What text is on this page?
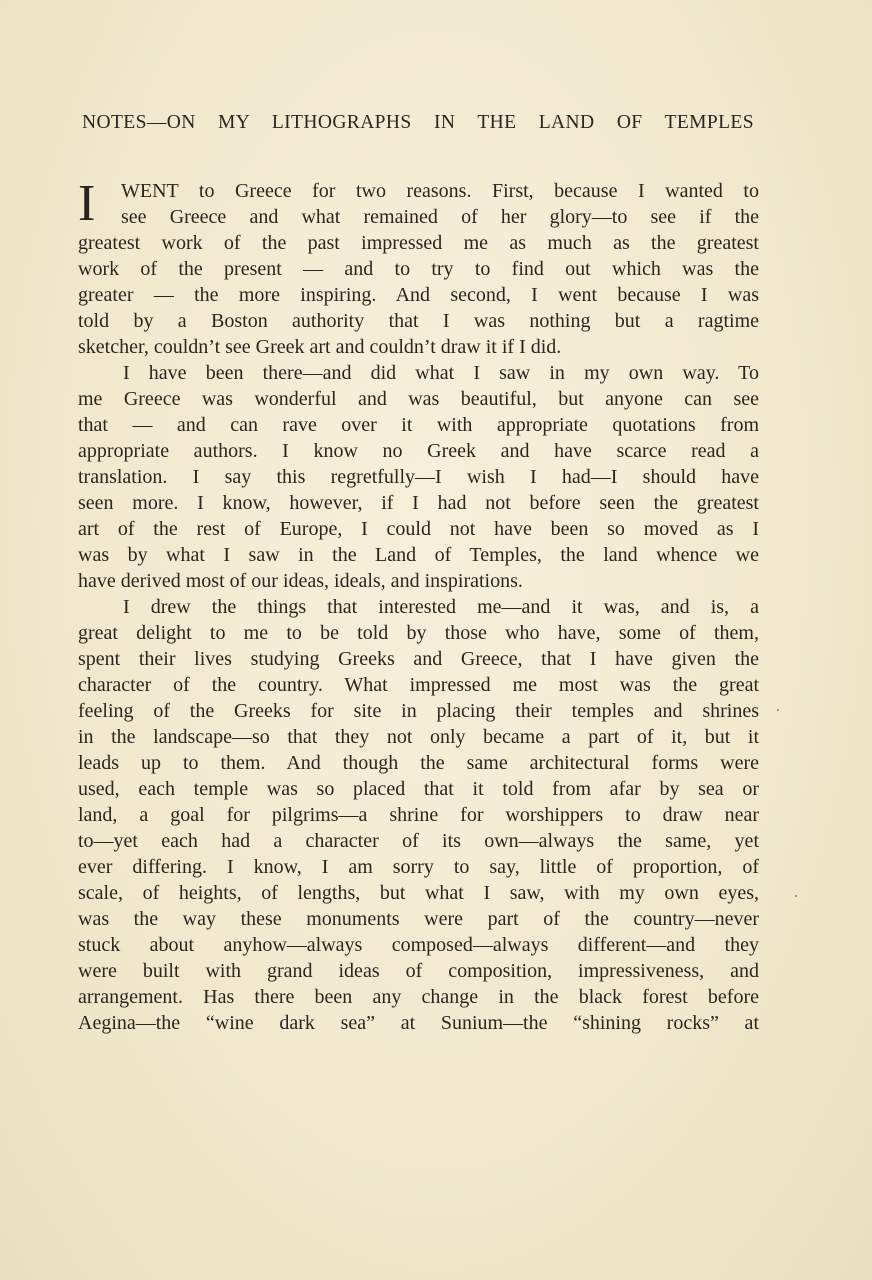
NOTES—ON MY LITHOGRAPHS IN THE LAND OF TEMPLES
I	WENT to Greece for two reasons. First, because I wanted to
see Greece and what remained of her glory—to see if the
greatest work of the past impressed me as much as the greatest
work of the present — and to try to find out which was the
greater — the more inspiring. And second, I went because I was
told by a Boston authority that I was nothing but a ragtime
sketcher, couldn’t see Greek art and couldn’t draw it if I did.
I have been there—and did what I saw in my own way. To
me Greece was wonderful and was beautiful, but anyone can see
that — and can rave over it with appropriate quotations from
appropriate authors. I know no Greek and have scarce read a
translation. I say this regretfully—I wish I had—I should have
seen more. I know, however, if I had not before seen the greatest
art of the rest of Europe, I could not have been so moved as I
was by what I saw in the Land of Temples, the land whence we
have derived most of our ideas, ideals, and inspirations.
I drew the things that interested me—and it was, and is, a
great delight to me to be told by those who have, some of them,
spent their lives studying Greeks and Greece, that I have given the
character of the country. What impressed me most was the great
feeling of the Greeks for site in placing their temples and shrines
in the landscape—so that they not only became a part of it, but it
leads up to them. And though the same architectural forms were
used, each temple was so placed that it told from afar by sea or
land, a goal for pilgrims—a shrine for worshippers to draw near
to—yet each had a character of its own—always the same, yet
ever differing. I know, I am sorry to say, little of proportion, of
scale, of heights, of lengths, but what I saw, with my own eyes,
was the way these monuments were part of the country—never
stuck about anyhow—always composed—always different—and they
were built with grand ideas of composition, impressiveness, and
arrangement. Has there been any change in the black forest before
Aegina—the “wine dark sea” at Sunium—the “shining rocks” at
